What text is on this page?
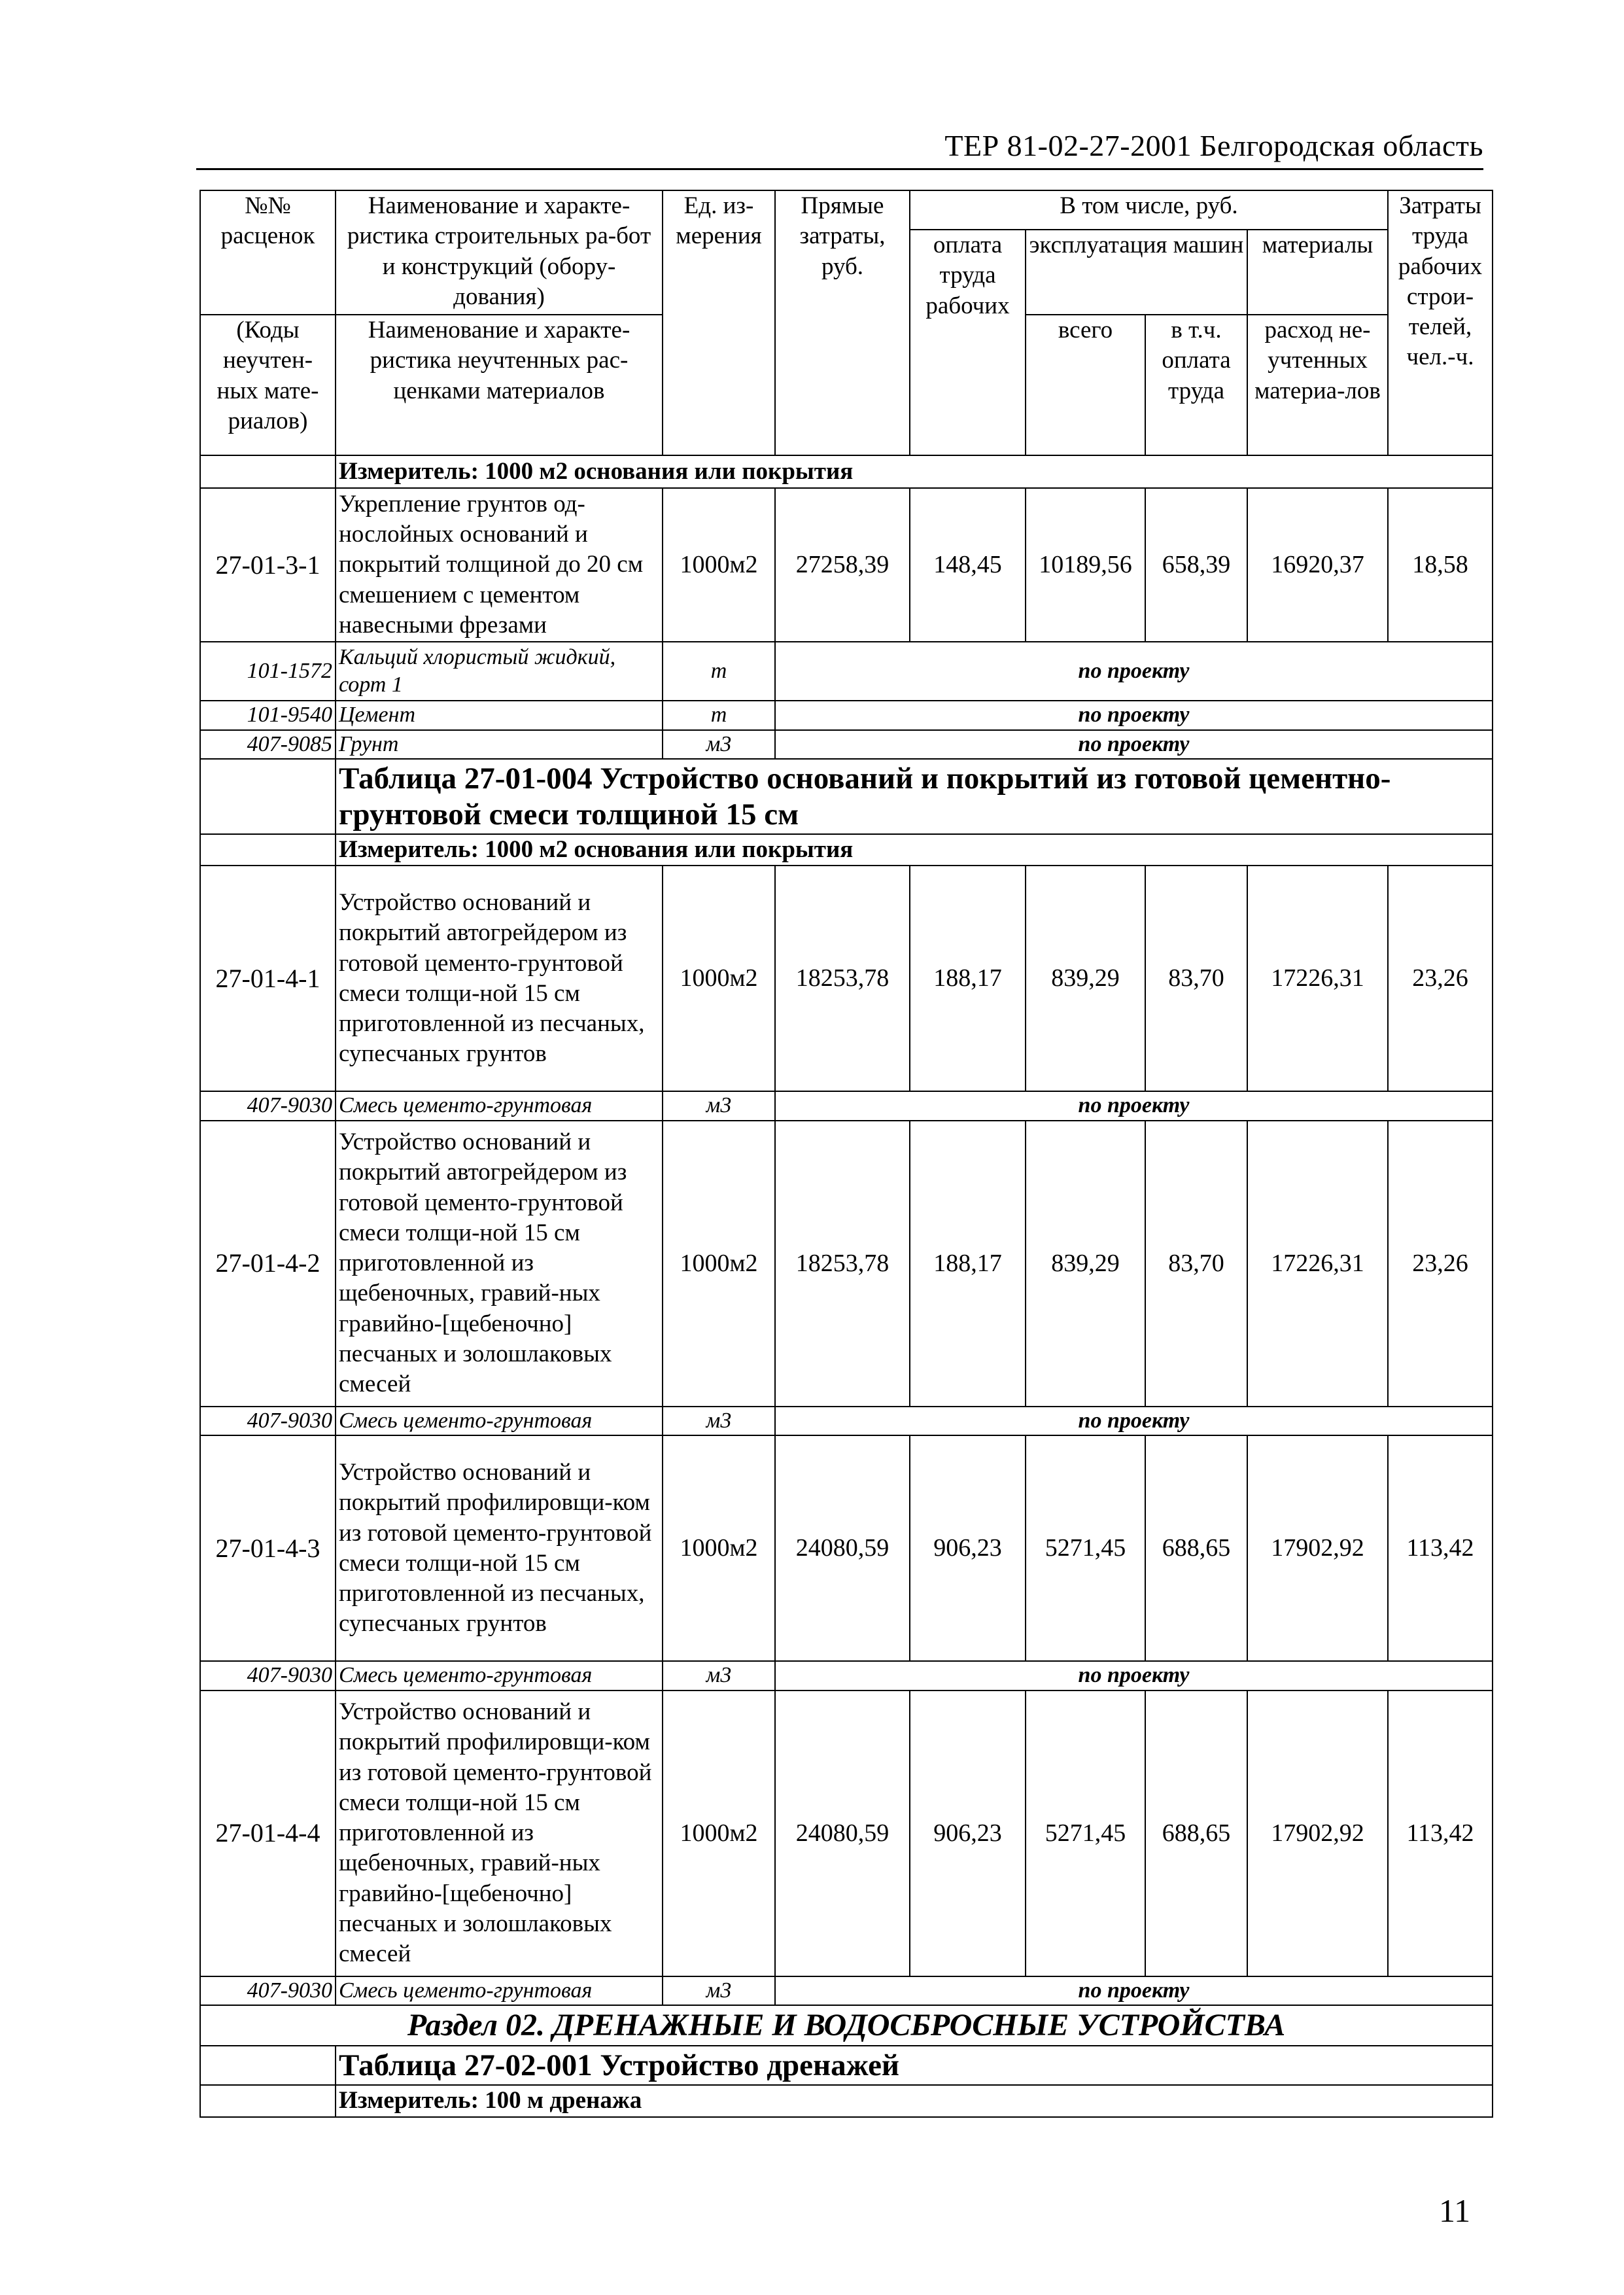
ТЕР 81-02-27-2001 Белгородская область
№№ расценок	Наименование и характе-ристика строительных ра-бот и конструкций (обору-дования)	Ед. из-мерения	Прямые затраты, руб.	В том числе, руб.				Затраты труда рабочих строи-телей, чел.-ч.
				оплата труда рабочих	эксплуатация машин		материалы	
(Коды неучтен-ных мате-риалов)	Наименование и характе-ристика неучтенных рас-ценками материалов				всего	в т.ч. оплата труда	расход не-учтенных материа-лов	
	Измеритель: 1000 м2 основания или покрытия							
27-01-3-1	Укрепление грунтов од-нослойных оснований и покрытий толщиной до 20 см смешением с цементом навесными фрезами	1000м2	27258,39	148,45	10189,56	658,39	16920,37	18,58
101-1572	Кальций хлористый жидкий, сорт 1	т	по проекту					
101-9540	Цемент	т	по проекту					
407-9085	Грунт	м3	по проекту					
	Таблица 27-01-004 Устройство оснований и покрытий из готовой цементно-грунтовой смеси толщиной 15 см							
	Измеритель: 1000 м2 основания или покрытия							
27-01-4-1	Устройство оснований и покрытий автогрейдером из готовой цементо-грунтовой смеси толщи-ной 15 см приготовленной из песчаных, супесчаных грунтов	1000м2	18253,78	188,17	839,29	83,70	17226,31	23,26
407-9030	Смесь цементо-грунтовая	м3	по проекту					
27-01-4-2	Устройство оснований и покрытий автогрейдером из готовой цементо-грунтовой смеси толщи-ной 15 см приготовленной из щебеночных, гравий-ных гравийно-[щебеночно] песчаных и золошлаковых смесей	1000м2	18253,78	188,17	839,29	83,70	17226,31	23,26
407-9030	Смесь цементо-грунтовая	м3	по проекту					
27-01-4-3	Устройство оснований и покрытий профилировщи-ком из готовой цементо-грунтовой смеси толщи-ной 15 см приготовленной из песчаных, супесчаных грунтов	1000м2	24080,59	906,23	5271,45	688,65	17902,92	113,42
407-9030	Смесь цементо-грунтовая	м3	по проекту					
27-01-4-4	Устройство оснований и покрытий профилировщи-ком из готовой цементо-грунтовой смеси толщи-ной 15 см приготовленной из щебеночных, гравий-ных гравийно-[щебеночно] песчаных и золошлаковых смесей	1000м2	24080,59	906,23	5271,45	688,65	17902,92	113,42
407-9030	Смесь цементо-грунтовая	м3	по проекту					
Раздел 02. ДРЕНАЖНЫЕ И ВОДОСБРОСНЫЕ УСТРОЙСТВА								
	Таблица 27-02-001 Устройство дренажей							
	Измеритель: 100 м дренажа							
11
